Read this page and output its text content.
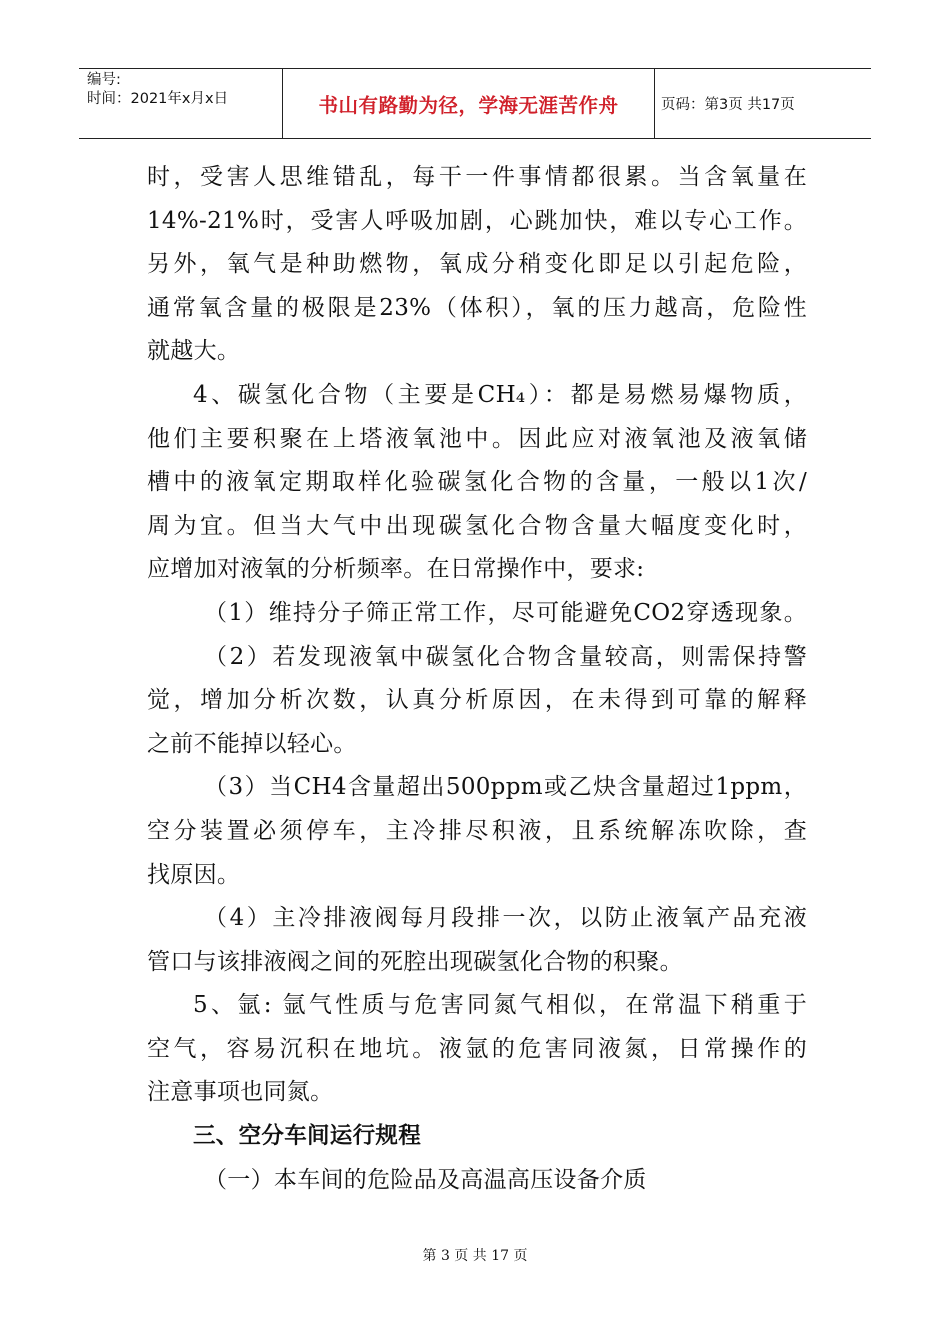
编号:
时间：2021年x月x日	书山有路勤为径，学海无涯苦作舟	页码：第3页 共17页
时，受害人思维错乱，每干一件事情都很累。当含氧量在
14%-21%时，受害人呼吸加剧，心跳加快，难以专心工作。
另外，氧气是种助燃物，氧成分稍变化即足以引起危险，
通常氧含量的极限是23%（体积），氧的压力越高，危险性
就越大。
4、碳氢化合物（主要是CH₄）：都是易燃易爆物质，
他们主要积聚在上塔液氧池中。因此应对液氧池及液氧储
槽中的液氧定期取样化验碳氢化合物的含量，一般以1次/
周为宜。但当大气中出现碳氢化合物含量大幅度变化时，
应增加对液氧的分析频率。在日常操作中，要求:
（1）维持分子筛正常工作，尽可能避免CO2穿透现象。
（2）若发现液氧中碳氢化合物含量较高，则需保持警
觉，增加分析次数，认真分析原因，在未得到可靠的解释
之前不能掉以轻心。
（3）当CH4含量超出500ppm或乙炔含量超过1ppm，
空分装置必须停车，主冷排尽积液，且系统解冻吹除，查
找原因。
（4）主冷排液阀每月段排一次，以防止液氧产品充液
管口与该排液阀之间的死腔出现碳氢化合物的积聚。
5、氩: 氩气性质与危害同氮气相似，在常温下稍重于
空气，容易沉积在地坑。液氩的危害同液氮，日常操作的
注意事项也同氮。
三、空分车间运行规程
（一）本车间的危险品及高温高压设备介质
第 3 页 共 17 页
